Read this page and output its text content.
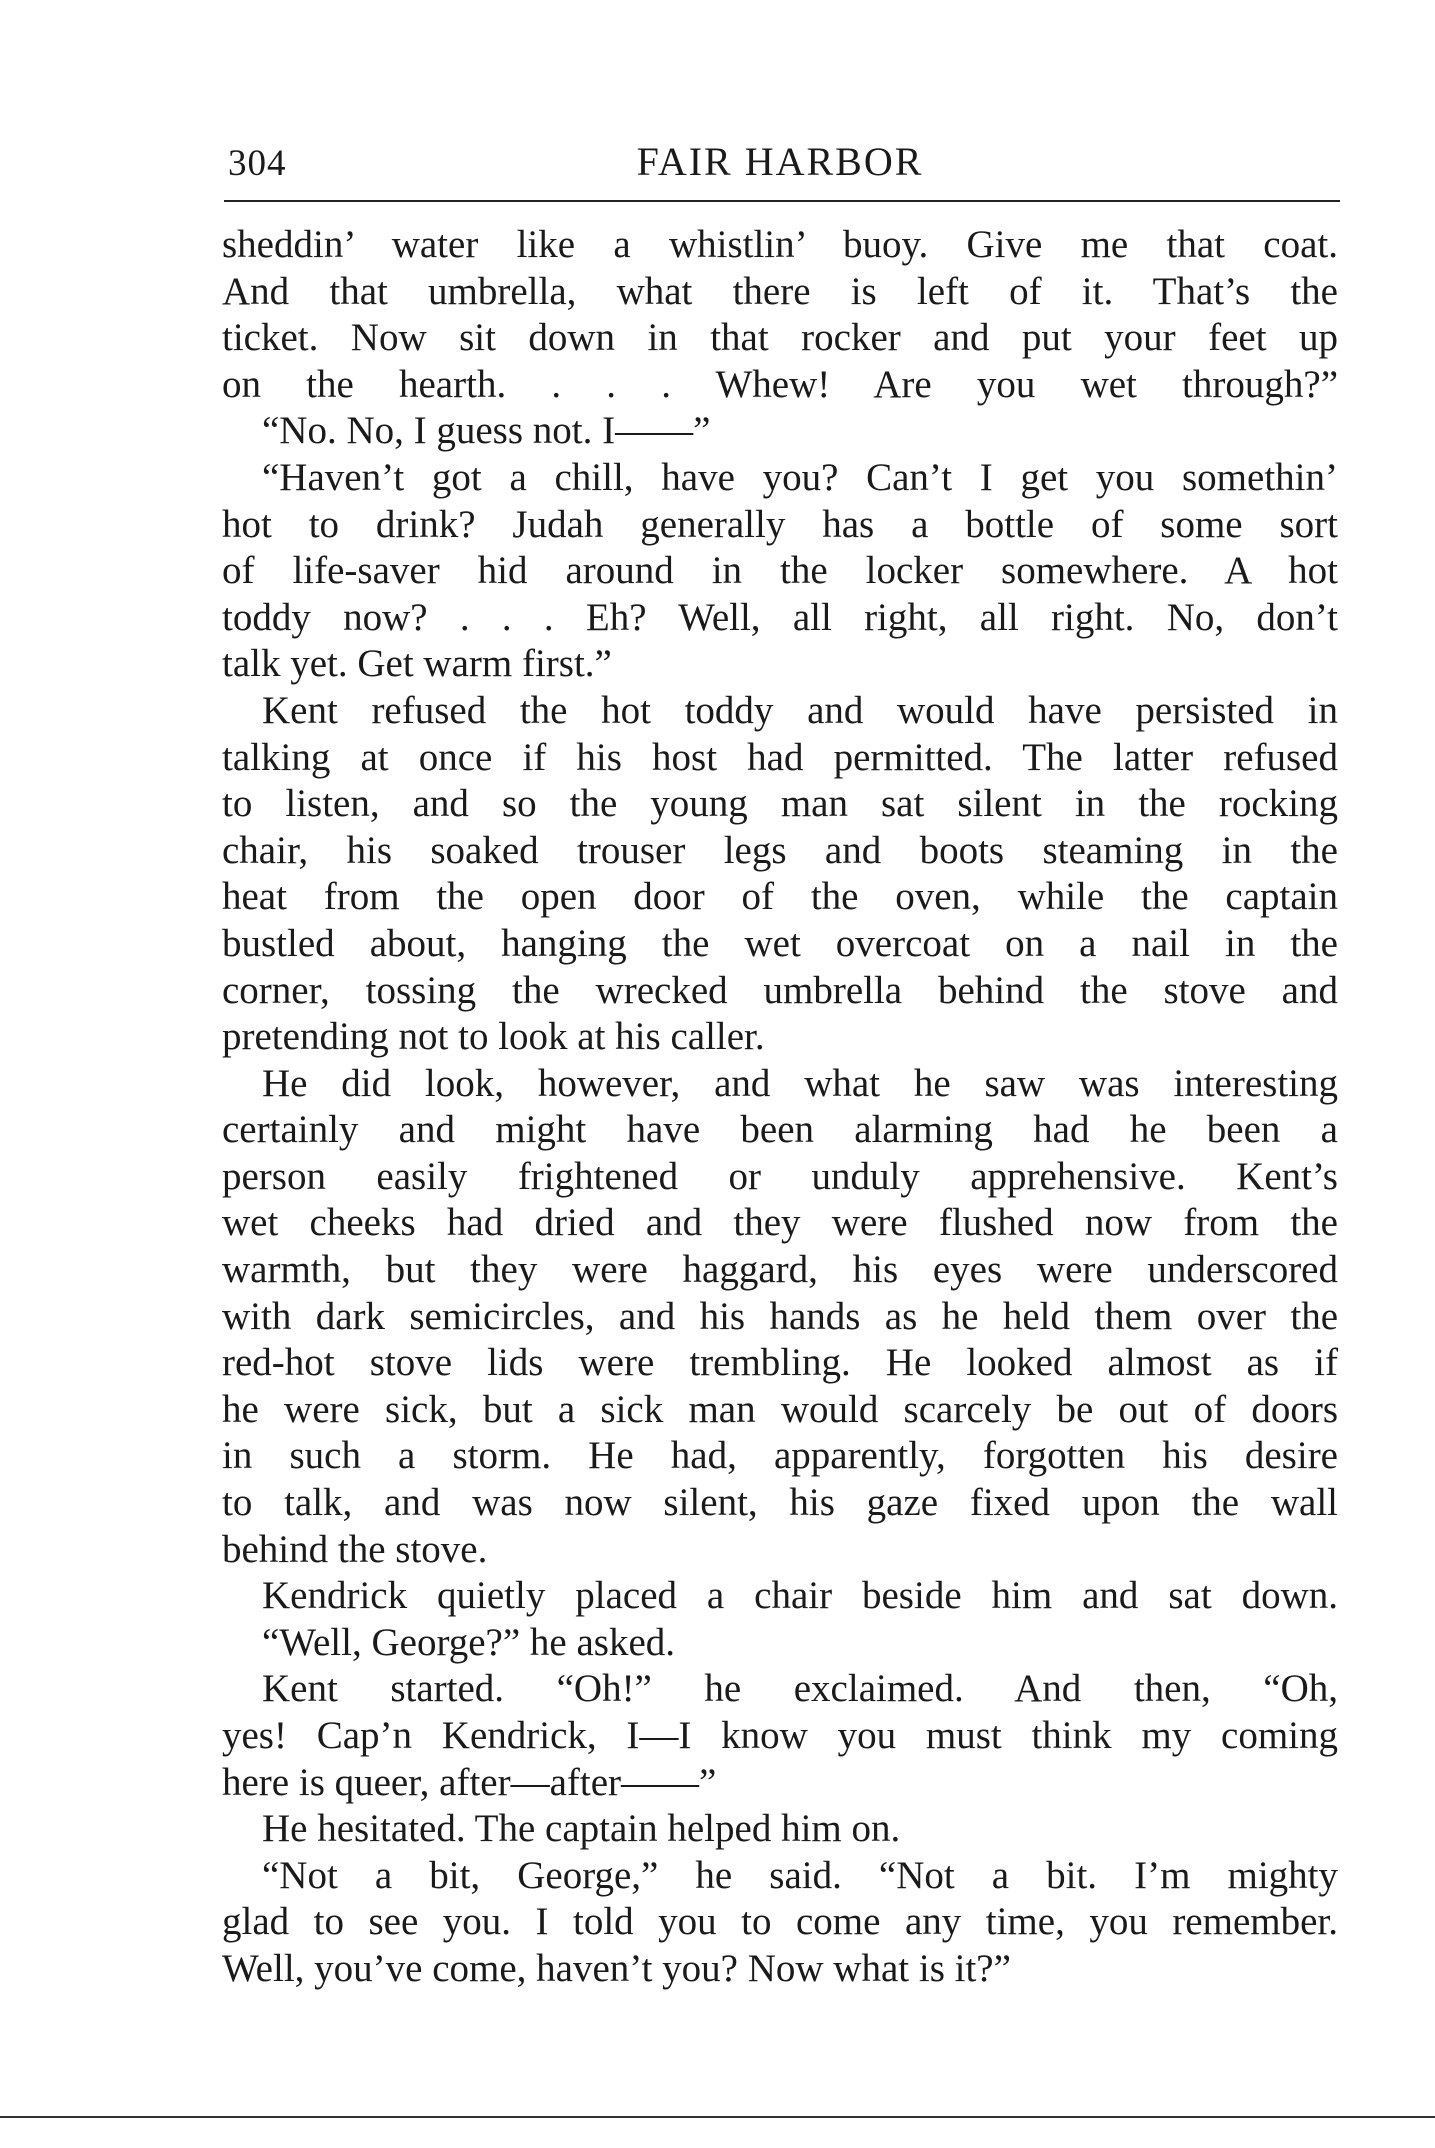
FAIR HARBOR
304
sheddin’ water like a whistlin’ buoy. Give me that coat.
And that umbrella, what there is left of it. That’s the
ticket. Now sit down in that rocker and put your feet up
on the hearth. . . . Whew! Are you wet through?”
“No. No, I guess not. I——”
“Haven’t got a chill, have you? Can’t I get you somethin’
hot to drink? Judah generally has a bottle of some sort
of life-saver hid around in the locker somewhere. A hot
toddy now? . . . Eh? Well, all right, all right. No, don’t
talk yet. Get warm first.”
Kent refused the hot toddy and would have persisted in
talking at once if his host had permitted. The latter refused
to listen, and so the young man sat silent in the rocking
chair, his soaked trouser legs and boots steaming in the
heat from the open door of the oven, while the captain
bustled about, hanging the wet overcoat on a nail in the
corner, tossing the wrecked umbrella behind the stove and
pretending not to look at his caller.
He did look, however, and what he saw was interesting
certainly and might have been alarming had he been a
person easily frightened or unduly apprehensive. Kent’s
wet cheeks had dried and they were flushed now from the
warmth, but they were haggard, his eyes were underscored
with dark semicircles, and his hands as he held them over the
red-hot stove lids were trembling. He looked almost as if
he were sick, but a sick man would scarcely be out of doors
in such a storm. He had, apparently, forgotten his desire
to talk, and was now silent, his gaze fixed upon the wall
behind the stove.
Kendrick quietly placed a chair beside him and sat down.
“Well, George?” he asked.
Kent started. “Oh!” he exclaimed. And then, “Oh,
yes! Cap’n Kendrick, I—I know you must think my coming
here is queer, after—after——”
He hesitated. The captain helped him on.
“Not a bit, George,” he said. “Not a bit. I’m mighty
glad to see you. I told you to come any time, you remember.
Well, you’ve come, haven’t you? Now what is it?”
